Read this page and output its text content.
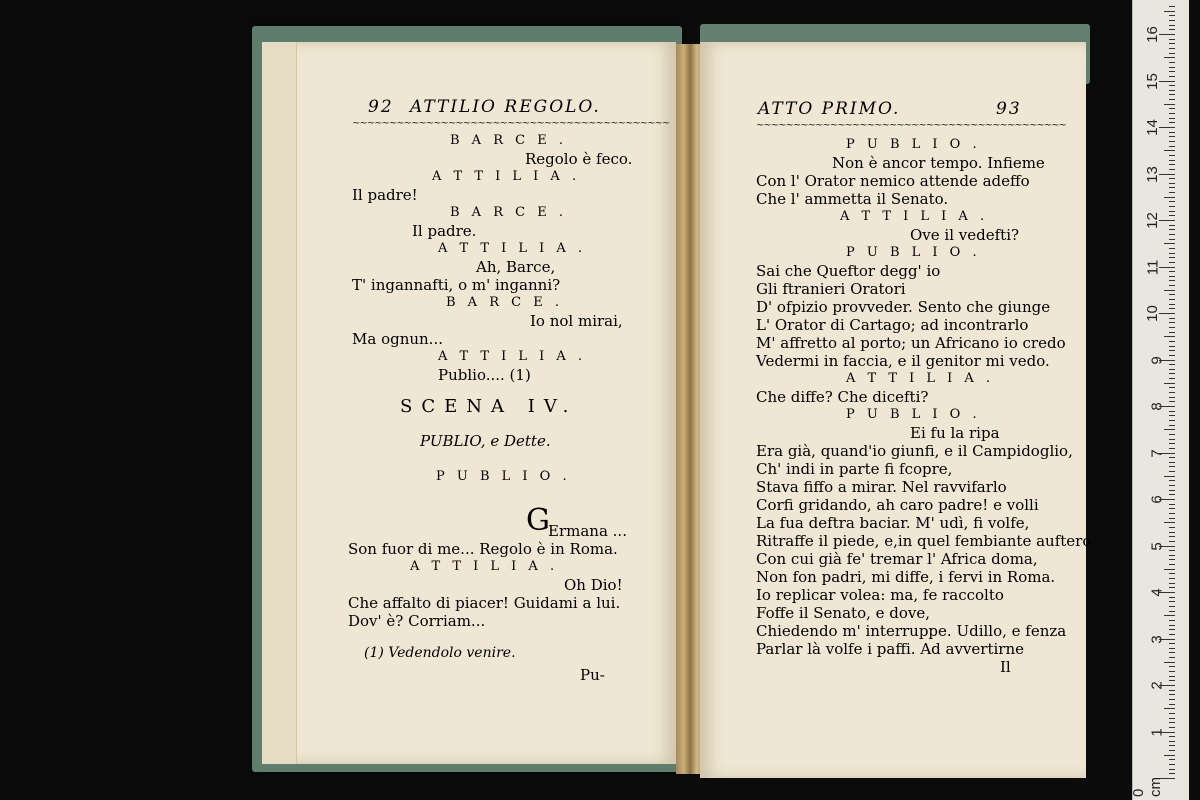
92 ATTILIO REGOLO.
~~~~~~~~~~~~~~~~~~~~~~~~~~~~~~~~~~~~~~~~~~~
B A R C E .
Regolo è feco.
A T T I L I A .
Il padre!
B A R C E .
Il padre.
A T T I L I A .
Ah, Barce,
T' ingannafti, o m' inganni?
B A R C E .
Io nol mirai,
Ma ognun...
A T T I L I A .
Publio.... (1)
SCENA IV.
PUBLIO, e Dette.
P U B L I O .
G
Ermana ...
Son fuor di me... Regolo è in Roma.
A T T I L I A .
Oh Dio!
Che affalto di piacer! Guidami a lui.
Dov' è? Corriam...
(1) Vedendolo venire.
Pu-
ATTO PRIMO.	93
~~~~~~~~~~~~~~~~~~~~~~~~~~~~~~~~~~~~~~~~~~
P U B L I O .
Non è ancor tempo. Infieme
Con l' Orator nemico attende adeffo
Che l' ammetta il Senato.
A T T I L I A .
Ove il vedefti?
P U B L I O .
Sai che Queftor degg' io
Gli ftranieri Oratori
D' ofpizio provveder. Sento che giunge
L' Orator di Cartago; ad incontrarlo
M' affretto al porto; un Africano io credo
Vedermi in faccia, e il genitor mi vedo.
A T T I L I A .
Che diffe? Che dicefti?
P U B L I O .
Ei fu la ripa
Era già, quand'io giunfi, e il Campidoglio,
Ch' indi in parte fi fcopre,
Stava fiffo a mirar. Nel ravvifarlo
Corfi gridando, ah caro padre! e volli
La fua deftra baciar. M' udì, fi volfe,
Ritraffe il piede, e,in quel fembiante auftero
Con cui già fe' tremar l' Africa doma,
Non fon padri, mi diffe, i fervi in Roma.
Io replicar volea: ma, fe raccolto
Foffe il Senato, e dove,
Chiedendo m' interruppe. Udillo, e fenza
Parlar là volfe i paffi. Ad avvertirne
Il
0 cm
1
2
3
4
5
6
7
8
9
10
11
12
13
14
15
16
